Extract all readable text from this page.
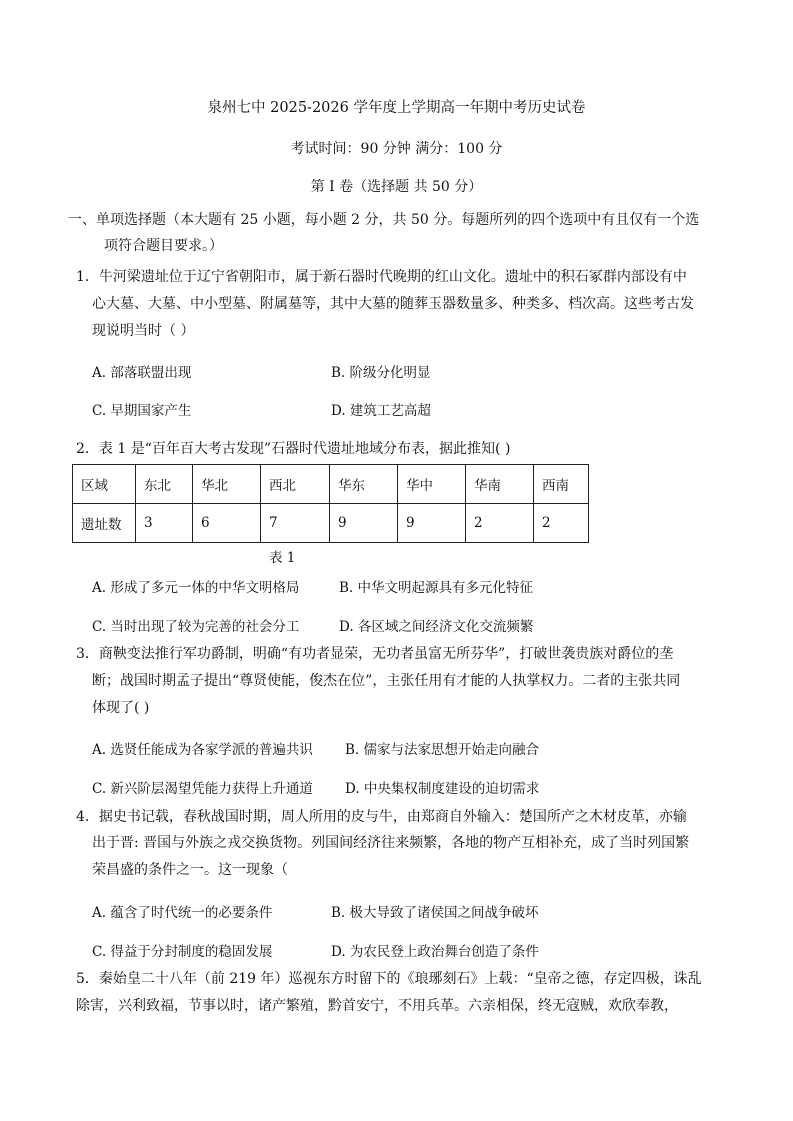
泉州七中 2025-2026 学年度上学期高一年期中考历史试卷
考试时间：90 分钟 满分：100 分
第 I 卷（选择题 共 50 分）
一、单项选择题（本大题有 25 小题，每小题 2 分，共 50 分。每题所列的四个选项中有且仅有一个选
项符合题目要求。）
1．牛河梁遗址位于辽宁省朝阳市，属于新石器时代晚期的红山文化。遗址中的积石冢群内部设有中
心大墓、大墓、中小型墓、附属墓等，其中大墓的随葬玉器数量多、种类多、档次高。这些考古发
现说明当时（ ）
A. 部落联盟出现	B. 阶级分化明显
C. 早期国家产生	D. 建筑工艺高超
2．表 1 是“百年百大考古发现”石器时代遗址地域分布表，据此推知( )
区域	东北	华北	西北	华东	华中	华南	西南
遗址数	3	6	7	9	9	2	2
表 1
A. 形成了多元一体的中华文明格局	B. 中华文明起源具有多元化特征
C. 当时出现了较为完善的社会分工	D. 各区域之间经济文化交流频繁
3．商鞅变法推行军功爵制，明确“有功者显荣，无功者虽富无所芬华”，打破世袭贵族对爵位的垄
断；战国时期孟子提出“尊贤使能，俊杰在位”，主张任用有才能的人执掌权力。二者的主张共同
体现了( )
A. 选贤任能成为各家学派的普遍共识 B. 儒家与法家思想开始走向融合
C. 新兴阶层渴望凭能力获得上升通道 D. 中央集权制度建设的迫切需求
4．据史书记载，春秋战国时期，周人所用的皮与牛，由郑商自外输入：楚国所产之木材皮革，亦输
出于晋: 晋国与外族之戎交换货物。列国间经济往来频繁，各地的物产互相补充，成了当时列国繁
荣昌盛的条件之一。这一现象（
A. 蕴含了时代统一的必要条件	B. 极大导致了诸侯国之间战争破坏
C. 得益于分封制度的稳固发展	D. 为农民登上政治舞台创造了条件
5．秦始皇二十八年（前 219 年）巡视东方时留下的《琅琊刻石》上载：“皇帝之德，存定四极，诛乱
除害，兴利致福，节事以时，诸产繁殖，黔首安宁，不用兵革。六亲相保，终无寇贼，欢欣奉教，
